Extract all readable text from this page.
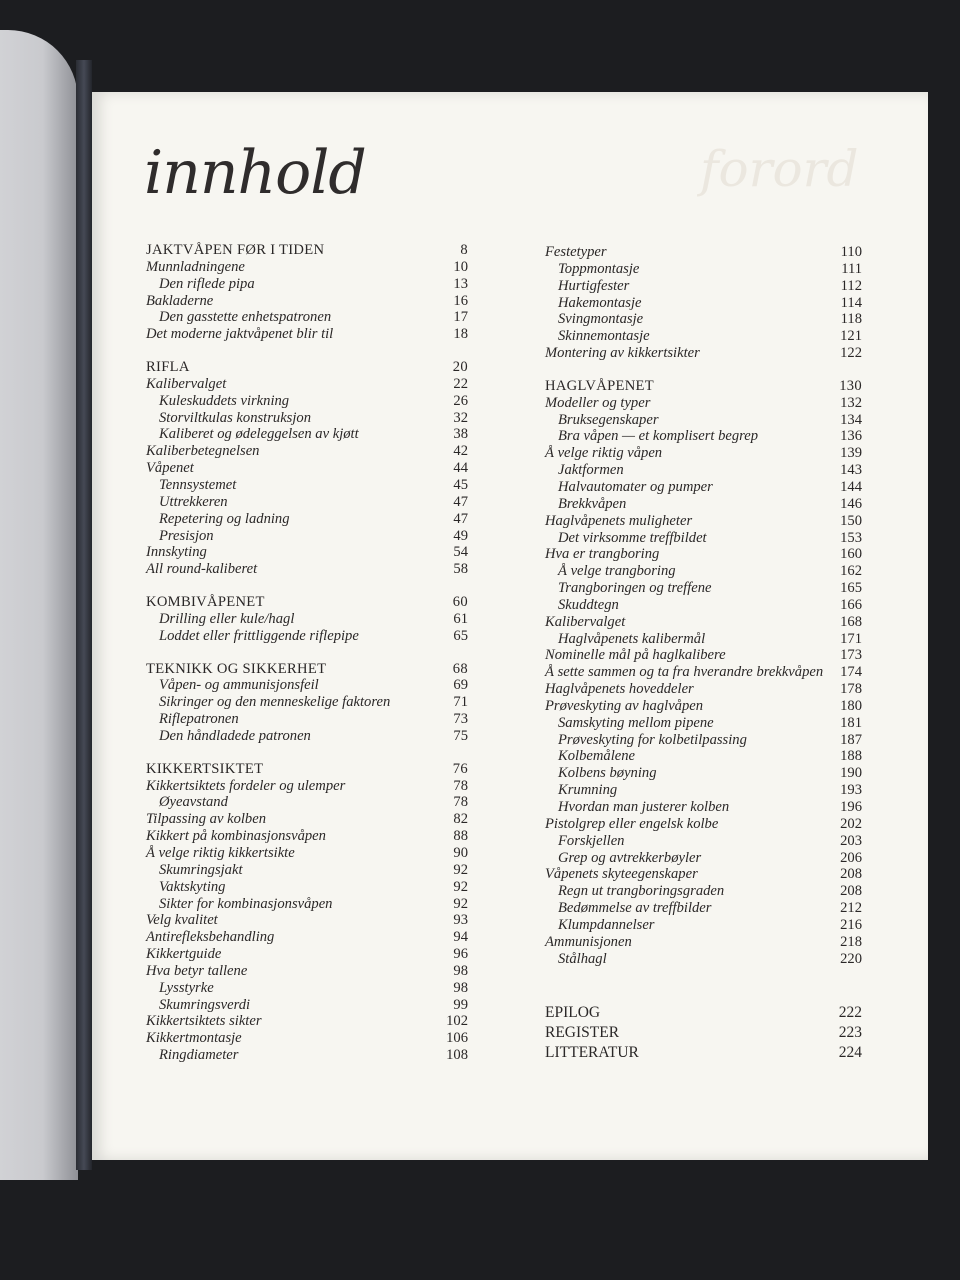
innhold	forord
JAKTVÅPEN FØR I TIDEN	8
Munnladningene	10
Den riflede pipa	13
Bakladerne	16
Den gasstette enhetspatronen	17
Det moderne jaktvåpenet blir til	18
RIFLA	20
Kalibervalget	22
Kuleskuddets virkning	26
Storviltkulas konstruksjon	32
Kaliberet og ødeleggelsen av kjøtt	38
Kaliberbetegnelsen	42
Våpenet	44
Tennsystemet	45
Uttrekkeren	47
Repetering og ladning	47
Presisjon	49
Innskyting	54
All round-kaliberet	58
KOMBIVÅPENET	60
Drilling eller kule/hagl	61
Loddet eller frittliggende riflepipe	65
TEKNIKK OG SIKKERHET	68
Våpen- og ammunisjonsfeil	69
Sikringer og den menneskelige faktoren	71
Riflepatronen	73
Den håndladede patronen	75
KIKKERTSIKTET	76
Kikkertsiktets fordeler og ulemper	78
Øyeavstand	78
Tilpassing av kolben	82
Kikkert på kombinasjonsvåpen	88
Å velge riktig kikkertsikte	90
Skumringsjakt	92
Vaktskyting	92
Sikter for kombinasjonsvåpen	92
Velg kvalitet	93
Antirefleksbehandling	94
Kikkertguide	96
Hva betyr tallene	98
Lysstyrke	98
Skumringsverdi	99
Kikkertsiktets sikter	102
Kikkertmontasje	106
Ringdiameter	108
Festetyper	110
Toppmontasje	111
Hurtigfester	112
Hakemontasje	114
Svingmontasje	118
Skinnemontasje	121
Montering av kikkertsikter	122
HAGLVÅPENET	130
Modeller og typer	132
Bruksegenskaper	134
Bra våpen — et komplisert begrep	136
Å velge riktig våpen	139
Jaktformen	143
Halvautomater og pumper	144
Brekkvåpen	146
Haglvåpenets muligheter	150
Det virksomme treffbildet	153
Hva er trangboring	160
Å velge trangboring	162
Trangboringen og treffene	165
Skuddtegn	166
Kalibervalget	168
Haglvåpenets kalibermål	171
Nominelle mål på haglkalibere	173
Å sette sammen og ta fra hverandre brekkvåpen 174
Haglvåpenets hoveddeler	178
Prøveskyting av haglvåpen	180
Samskyting mellom pipene	181
Prøveskyting for kolbetilpassing	187
Kolbemålene	188
Kolbens bøyning	190
Krumning	193
Hvordan man justerer kolben	196
Pistolgrep eller engelsk kolbe	202
Forskjellen	203
Grep og avtrekkerbøyler	206
Våpenets skyteegenskaper	208
Regn ut trangboringsgraden	208
Bedømmelse av treffbilder	212
Klumpdannelser	216
Ammunisjonen	218
Stålhagl	220
EPILOG	222
REGISTER	223
LITTERATUR	224
